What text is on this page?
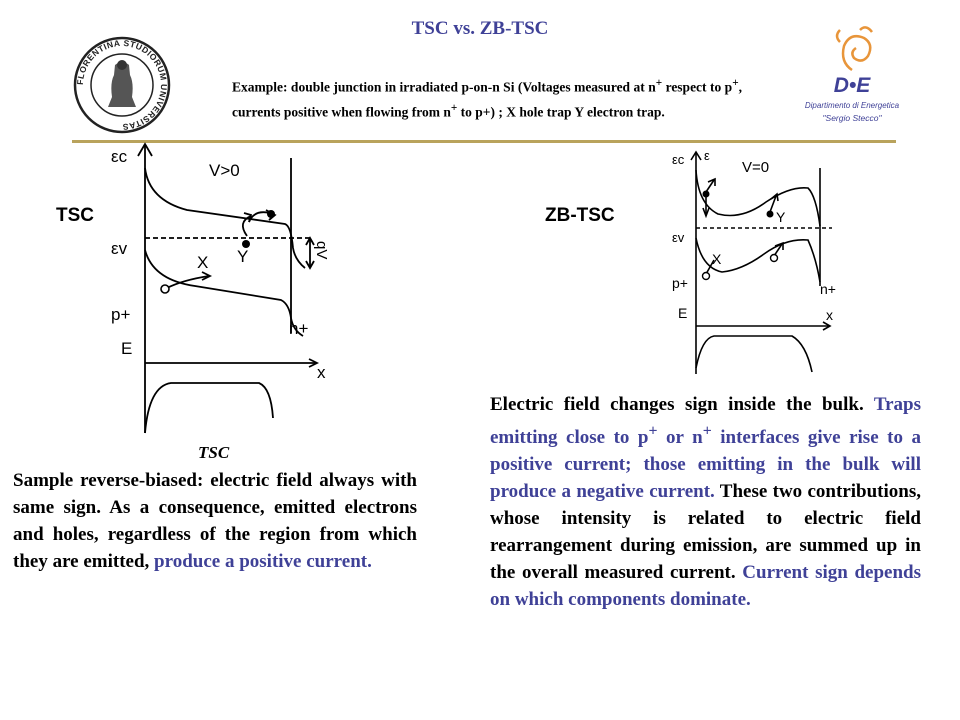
TSC vs. ZB-TSC
FLORENTINA STUDIORUM UNIVERSITAS
D•E
Dipartimento di Energetica
"Sergio Stecco"
Example: double junction in irradiated p-on-n Si (Voltages measured at n+ respect to p+, currents positive when flowing from n+ to p+) ; X hole trap Y electron trap.
TSC	ZB-TSC
εc
εv
V>0
X Y
p+
n+
E
x
qV
TSC
εc ε
V=0
εv
X
Y
p+	n+
E	x
Sample reverse-biased: electric field always with same sign. As a consequence, emitted electrons and holes, regardless of the region from which they are emitted, produce a positive current.
Electric field changes sign inside the bulk. Traps emitting close to p+ or n+ interfaces give rise to a positive current; those emitting in the bulk will produce a negative current. These two contributions, whose intensity is related to electric field rearrangement during emission, are summed up in the overall measured current. Current sign depends on which components dominate.
